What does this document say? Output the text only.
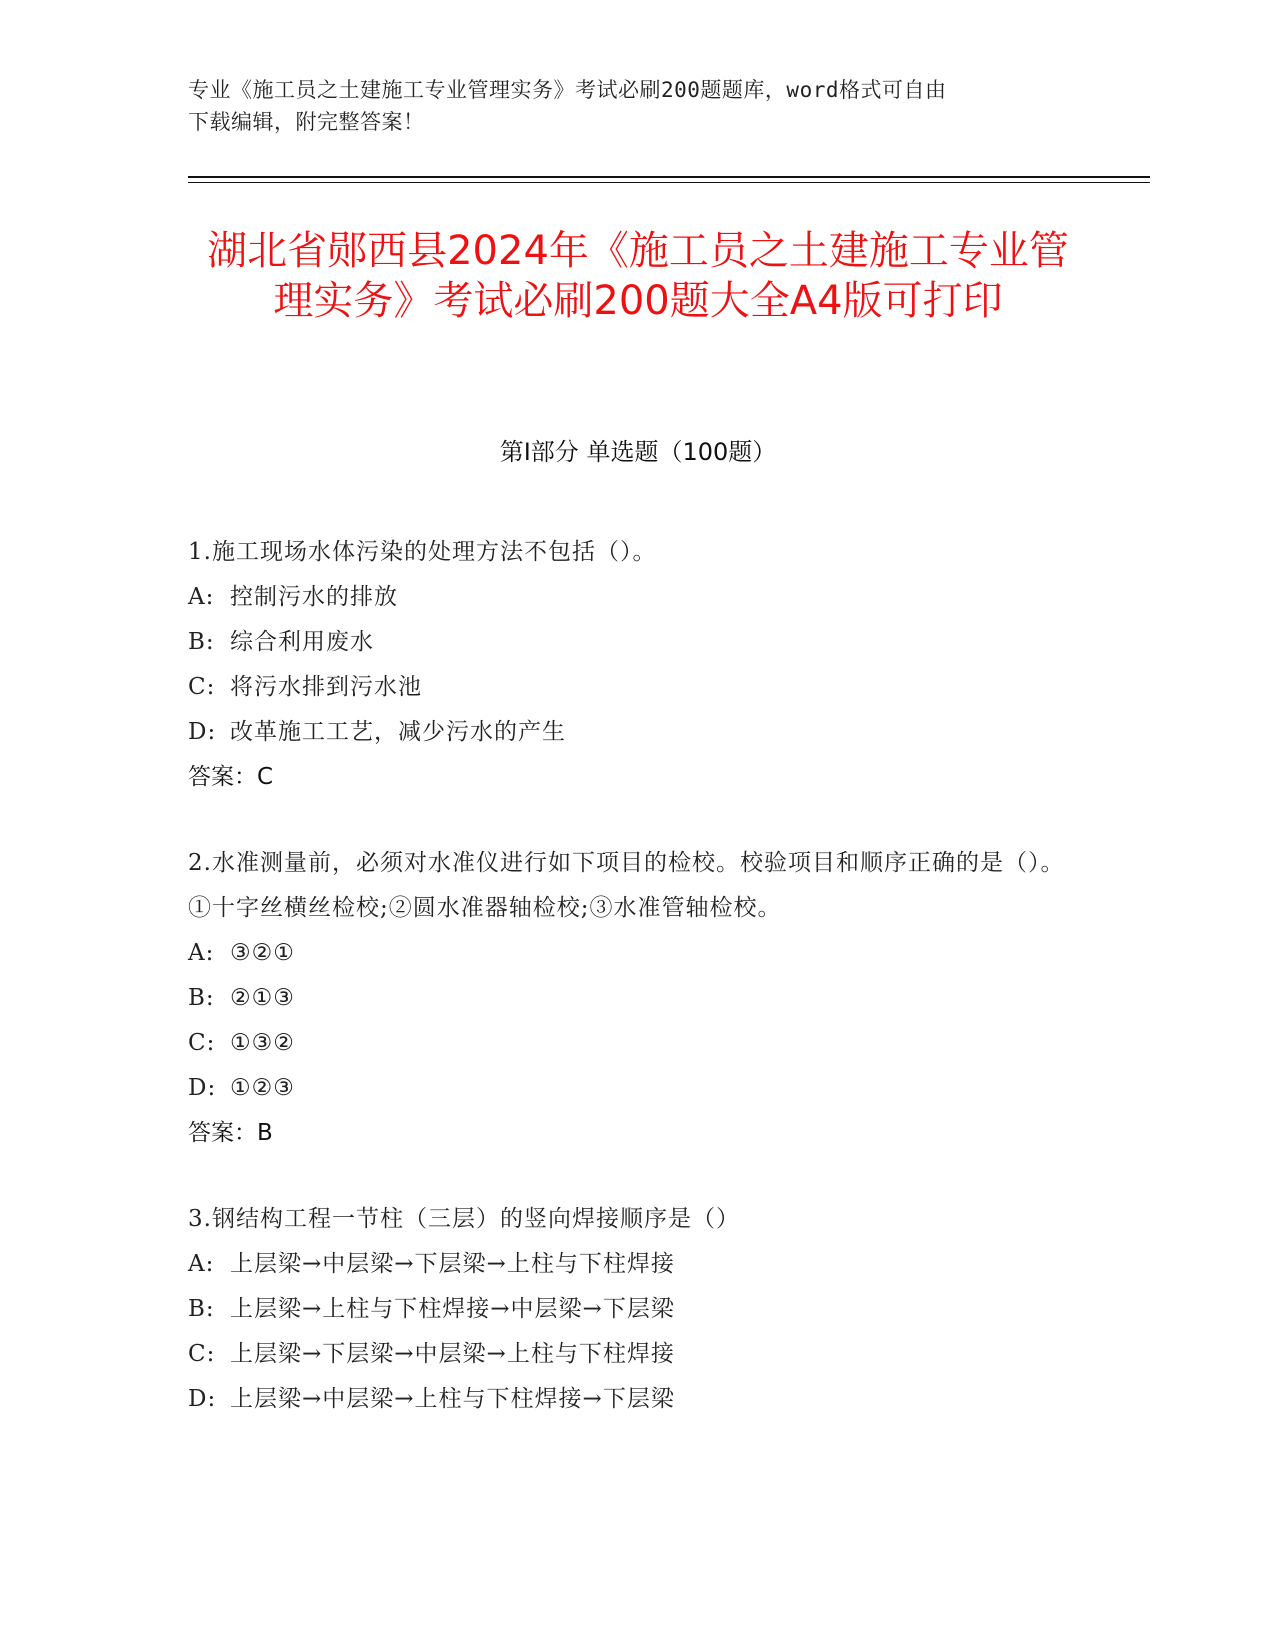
专业《施工员之土建施工专业管理实务》考试必刷200题题库，word格式可自由
下载编辑，附完整答案！
湖北省郧西县2024年《施工员之土建施工专业管理实务》考试必刷200题大全A4版可打印
第Ⅰ部分 单选题（100题）
1.施工现场水体污染的处理方法不包括（）。
A: 控制污水的排放
B: 综合利用废水
C: 将污水排到污水池
D: 改革施工工艺，减少污水的产生
答案：C
2.水准测量前，必须对水准仪进行如下项目的检校。校验项目和顺序正确的是（）。①十字丝横丝检校;②圆水准器轴检校;③水准管轴检校。
A: ③②①
B: ②①③
C: ①③②
D: ①②③
答案：B
3.钢结构工程一节柱（三层）的竖向焊接顺序是（）
A: 上层梁→中层梁→下层梁→上柱与下柱焊接
B: 上层梁→上柱与下柱焊接→中层梁→下层梁
C: 上层梁→下层梁→中层梁→上柱与下柱焊接
D: 上层梁→中层梁→上柱与下柱焊接→下层梁
